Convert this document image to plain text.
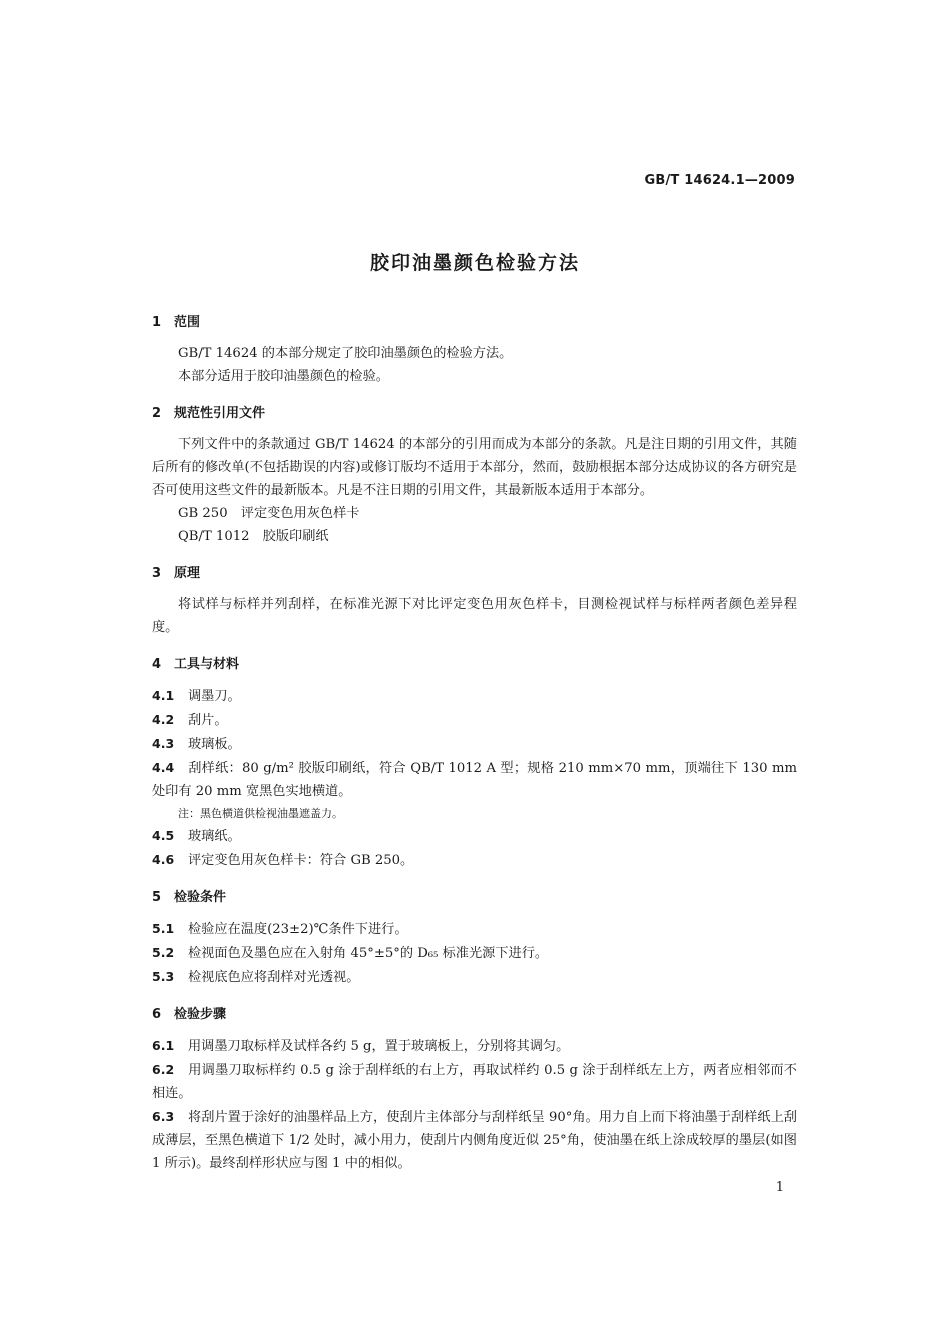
GB/T 14624.1—2009
胶印油墨颜色检验方法
1 范围

GB/T 14624 的本部分规定了胶印油墨颜色的检验方法。

本部分适用于胶印油墨颜色的检验。

2 规范性引用文件

下列文件中的条款通过 GB/T 14624 的本部分的引用而成为本部分的条款。凡是注日期的引用文件，其随后所有的修改单(不包括勘误的内容)或修订版均不适用于本部分，然而，鼓励根据本部分达成协议的各方研究是否可使用这些文件的最新版本。凡是不注日期的引用文件，其最新版本适用于本部分。

GB 250　评定变色用灰色样卡

QB/T 1012　胶版印刷纸

3 原理

将试样与标样并列刮样，在标准光源下对比评定变色用灰色样卡，目测检视试样与标样两者颜色差异程度。

4 工具与材料

4.1 调墨刀。

4.2 刮片。

4.3 玻璃板。

4.4 刮样纸：80 g/m² 胶版印刷纸，符合 QB/T 1012 A 型；规格 210 mm×70 mm，顶端往下 130 mm 处印有 20 mm 宽黑色实地横道。

注：黑色横道供检视油墨遮盖力。

4.5 玻璃纸。

4.6 评定变色用灰色样卡：符合 GB 250。

5 检验条件

5.1 检验应在温度(23±2)℃条件下进行。

5.2 检视面色及墨色应在入射角 45°±5°的 D₆₅ 标准光源下进行。

5.3 检视底色应将刮样对光透视。

6 检验步骤

6.1 用调墨刀取标样及试样各约 5 g，置于玻璃板上，分别将其调匀。

6.2 用调墨刀取标样约 0.5 g 涂于刮样纸的右上方，再取试样约 0.5 g 涂于刮样纸左上方，两者应相邻而不相连。

6.3 将刮片置于涂好的油墨样品上方，使刮片主体部分与刮样纸呈 90°角。用力自上而下将油墨于刮样纸上刮成薄层，至黑色横道下 1/2 处时，减小用力，使刮片内侧角度近似 25°角，使油墨在纸上涂成较厚的墨层(如图 1 所示)。最终刮样形状应与图 1 中的相似。

1
